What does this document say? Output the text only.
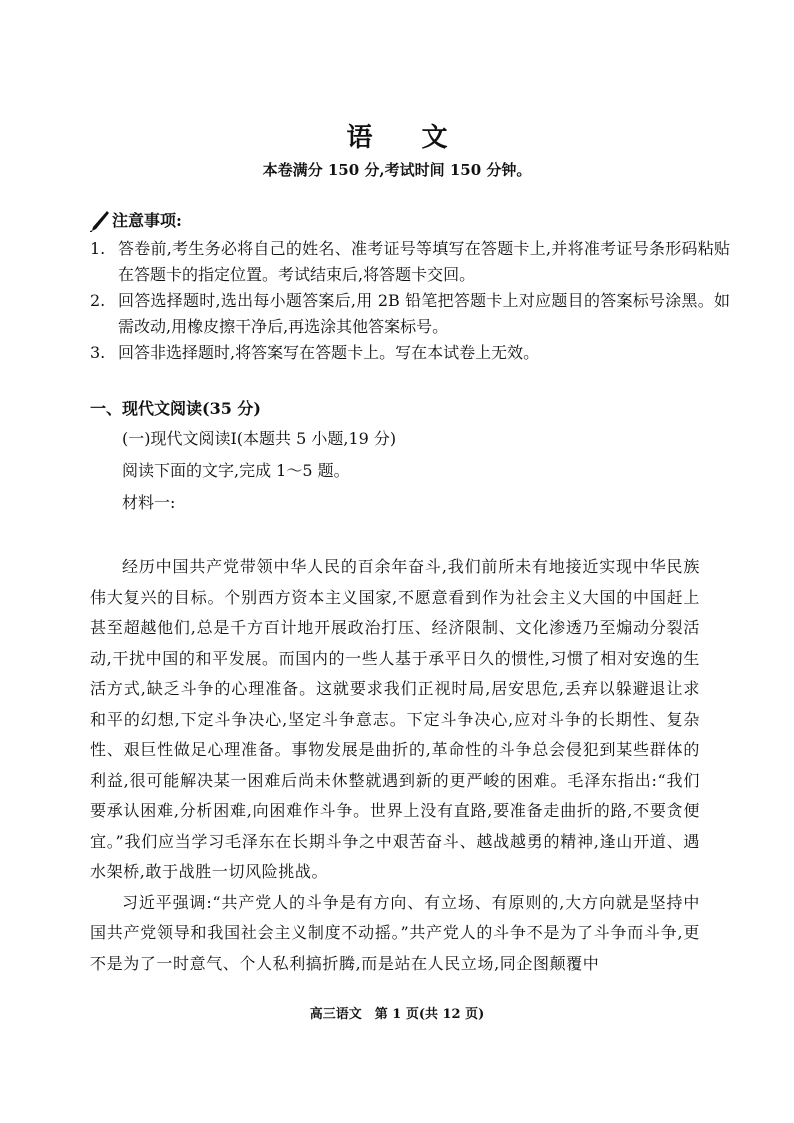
语 文
本卷满分 150 分,考试时间 150 分钟。
注意事项:
1. 答卷前,考生务必将自己的姓名、准考证号等填写在答题卡上,并将准考证号条形码粘贴在答题卡的指定位置。考试结束后,将答题卡交回。
2. 回答选择题时,选出每小题答案后,用 2B 铅笔把答题卡上对应题目的答案标号涂黑。如需改动,用橡皮擦干净后,再选涂其他答案标号。
3. 回答非选择题时,将答案写在答题卡上。写在本试卷上无效。
一、现代文阅读(35 分)
(一)现代文阅读Ⅰ(本题共 5 小题,19 分)
阅读下面的文字,完成 1～5 题。
材料一:

经历中国共产党带领中华人民的百余年奋斗,我们前所未有地接近实现中华民族伟大复兴的目标。个别西方资本主义国家,不愿意看到作为社会主义大国的中国赶上甚至超越他们,总是千方百计地开展政治打压、经济限制、文化渗透乃至煽动分裂活动,干扰中国的和平发展。而国内的一些人基于承平日久的惯性,习惯了相对安逸的生活方式,缺乏斗争的心理准备。这就要求我们正视时局,居安思危,丢弃以躲避退让求和平的幻想,下定斗争决心,坚定斗争意志。下定斗争决心,应对斗争的长期性、复杂性、艰巨性做足心理准备。事物发展是曲折的,革命性的斗争总会侵犯到某些群体的利益,很可能解决某一困难后尚未休整就遇到新的更严峻的困难。毛泽东指出:“我们要承认困难,分析困难,向困难作斗争。世界上没有直路,要准备走曲折的路,不要贪便宜。”我们应当学习毛泽东在长期斗争之中艰苦奋斗、越战越勇的精神,逢山开道、遇水架桥,敢于战胜一切风险挑战。

习近平强调:“共产党人的斗争是有方向、有立场、有原则的,大方向就是坚持中国共产党领导和我国社会主义制度不动摇。”共产党人的斗争不是为了斗争而斗争,更不是为了一时意气、个人私利搞折腾,而是站在人民立场,同企图颠覆中

高三语文　第 1 页(共 12 页)
